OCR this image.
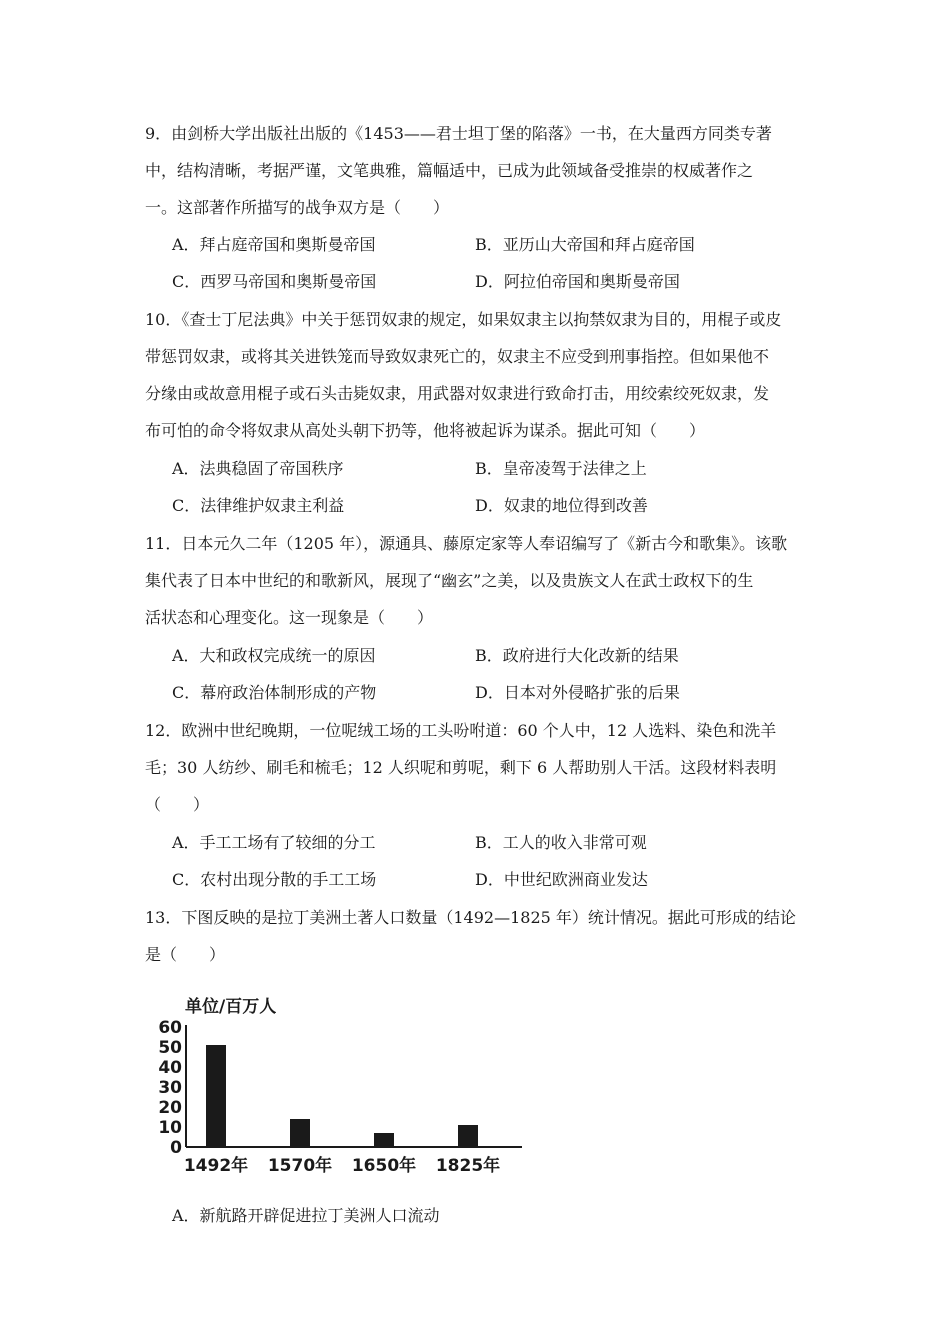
9．由剑桥大学出版社出版的《1453——君士坦丁堡的陷落》一书，在大量西方同类专著
中，结构清晰，考据严谨，文笔典雅，篇幅适中，已成为此领域备受推崇的权威著作之
一。这部著作所描写的战争双方是（　　）
A．拜占庭帝国和奥斯曼帝国	B．亚历山大帝国和拜占庭帝国
C．西罗马帝国和奥斯曼帝国	D．阿拉伯帝国和奥斯曼帝国
10．《查士丁尼法典》中关于惩罚奴隶的规定，如果奴隶主以拘禁奴隶为目的，用棍子或皮
带惩罚奴隶，或将其关进铁笼而导致奴隶死亡的，奴隶主不应受到刑事指控。但如果他不
分缘由或故意用棍子或石头击毙奴隶，用武器对奴隶进行致命打击，用绞索绞死奴隶，发
布可怕的命令将奴隶从高处头朝下扔等，他将被起诉为谋杀。据此可知（　　）
A．法典稳固了帝国秩序	B．皇帝凌驾于法律之上
C．法律维护奴隶主利益	D．奴隶的地位得到改善
11．日本元久二年（1205 年），源通具、藤原定家等人奉诏编写了《新古今和歌集》。该歌
集代表了日本中世纪的和歌新风，展现了“幽玄”之美，以及贵族文人在武士政权下的生
活状态和心理变化。这一现象是（　　）
A．大和政权完成统一的原因	B．政府进行大化改新的结果
C．幕府政治体制形成的产物	D．日本对外侵略扩张的后果
12．欧洲中世纪晚期，一位呢绒工场的工头吩咐道：60 个人中，12 人选料、染色和洗羊
毛；30 人纺纱、刷毛和梳毛；12 人织呢和剪呢，剩下 6 人帮助别人干活。这段材料表明
（　　）
A．手工工场有了较细的分工	B．工人的收入非常可观
C．农村出现分散的手工工场	D．中世纪欧洲商业发达
13．下图反映的是拉丁美洲土著人口数量（1492—1825 年）统计情况。据此可形成的结论
是（　　）
单位/百万人
0
10
20
30
40
50
60
1492年 1570年 1650年 1825年
A．新航路开辟促进拉丁美洲人口流动
